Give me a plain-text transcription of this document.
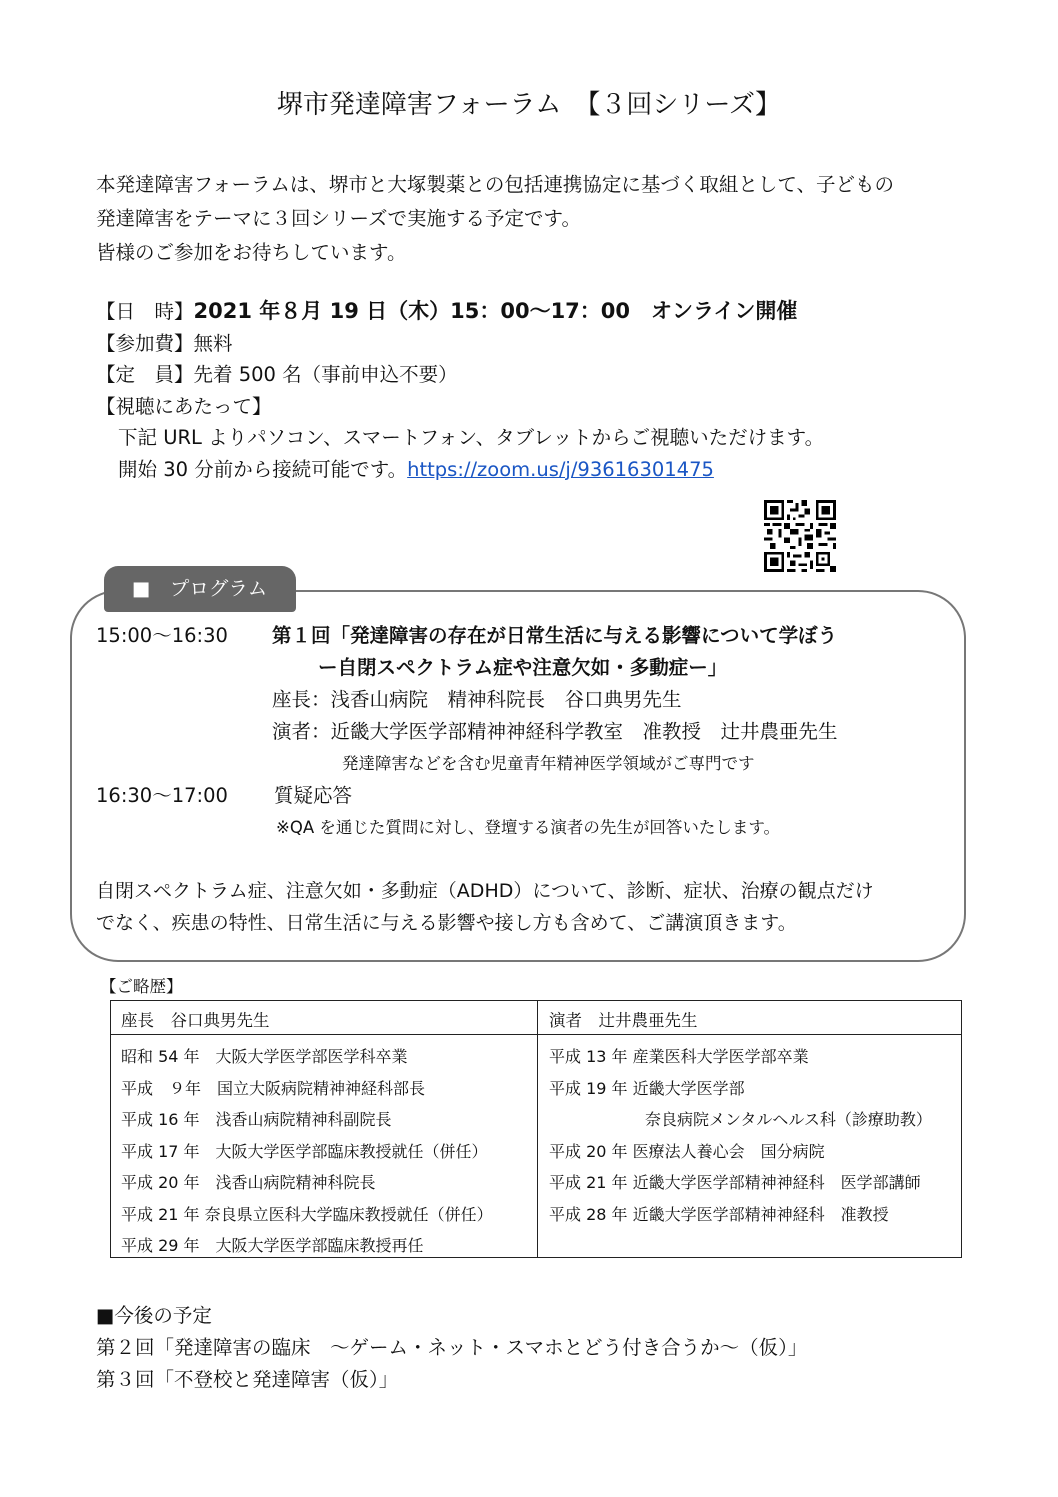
堺市発達障害フォーラム　【３回シリーズ】
本発達障害フォーラムは、堺市と大塚製薬との包括連携協定に基づく取組として、子どもの
発達障害をテーマに３回シリーズで実施する予定です。
皆様のご参加をお待ちしています。
【日　時】 2021 年８月 19 日（木）15：00～17：00　オンライン開催
【参加費】 無料
【定　員】 先着 500 名（事前申込不要）
【視聴にあたって】
下記 URL よりパソコン、スマートフォン、タブレットからご視聴いただけます。
開始 30 分前から接続可能です。 https://zoom.us/j/93616301475
■　プログラム
15:00～16:30 第１回「発達障害の存在が日常生活に与える影響について学ぼう
ー自閉スペクトラム症や注意欠如・多動症ー」
座長：浅香山病院　精神科院長　谷口典男先生
演者：近畿大学医学部精神神経科学教室　准教授　辻井農亜先生
発達障害などを含む児童青年精神医学領域がご専門です
16:30～17:00 質疑応答
※QA を通じた質問に対し、登壇する演者の先生が回答いたします。
自閉スペクトラム症、注意欠如・多動症（ADHD）について、診断、症状、治療の観点だけ
でなく、疾患の特性、日常生活に与える影響や接し方も含めて、ご講演頂きます。
【ご略歴】
座長　谷口典男先生	演者　辻井農亜先生
昭和 54 年　大阪大学医学部医学科卒業
平成　９年　国立大阪病院精神神経科部長
平成 16 年　浅香山病院精神科副院長
平成 17 年　大阪大学医学部臨床教授就任（併任）
平成 20 年　浅香山病院精神科院長
平成 21 年 奈良県立医科大学臨床教授就任（併任）
平成 29 年　大阪大学医学部臨床教授再任
平成 13 年 産業医科大学医学部卒業
平成 19 年 近畿大学医学部
　　　　　　奈良病院メンタルヘルス科（診療助教）
平成 20 年 医療法人養心会　国分病院
平成 21 年 近畿大学医学部精神神経科　医学部講師
平成 28 年 近畿大学医学部精神神経科　准教授
■今後の予定
第２回「発達障害の臨床　～ゲーム・ネット・スマホとどう付き合うか～（仮）」
第３回「不登校と発達障害（仮）」
